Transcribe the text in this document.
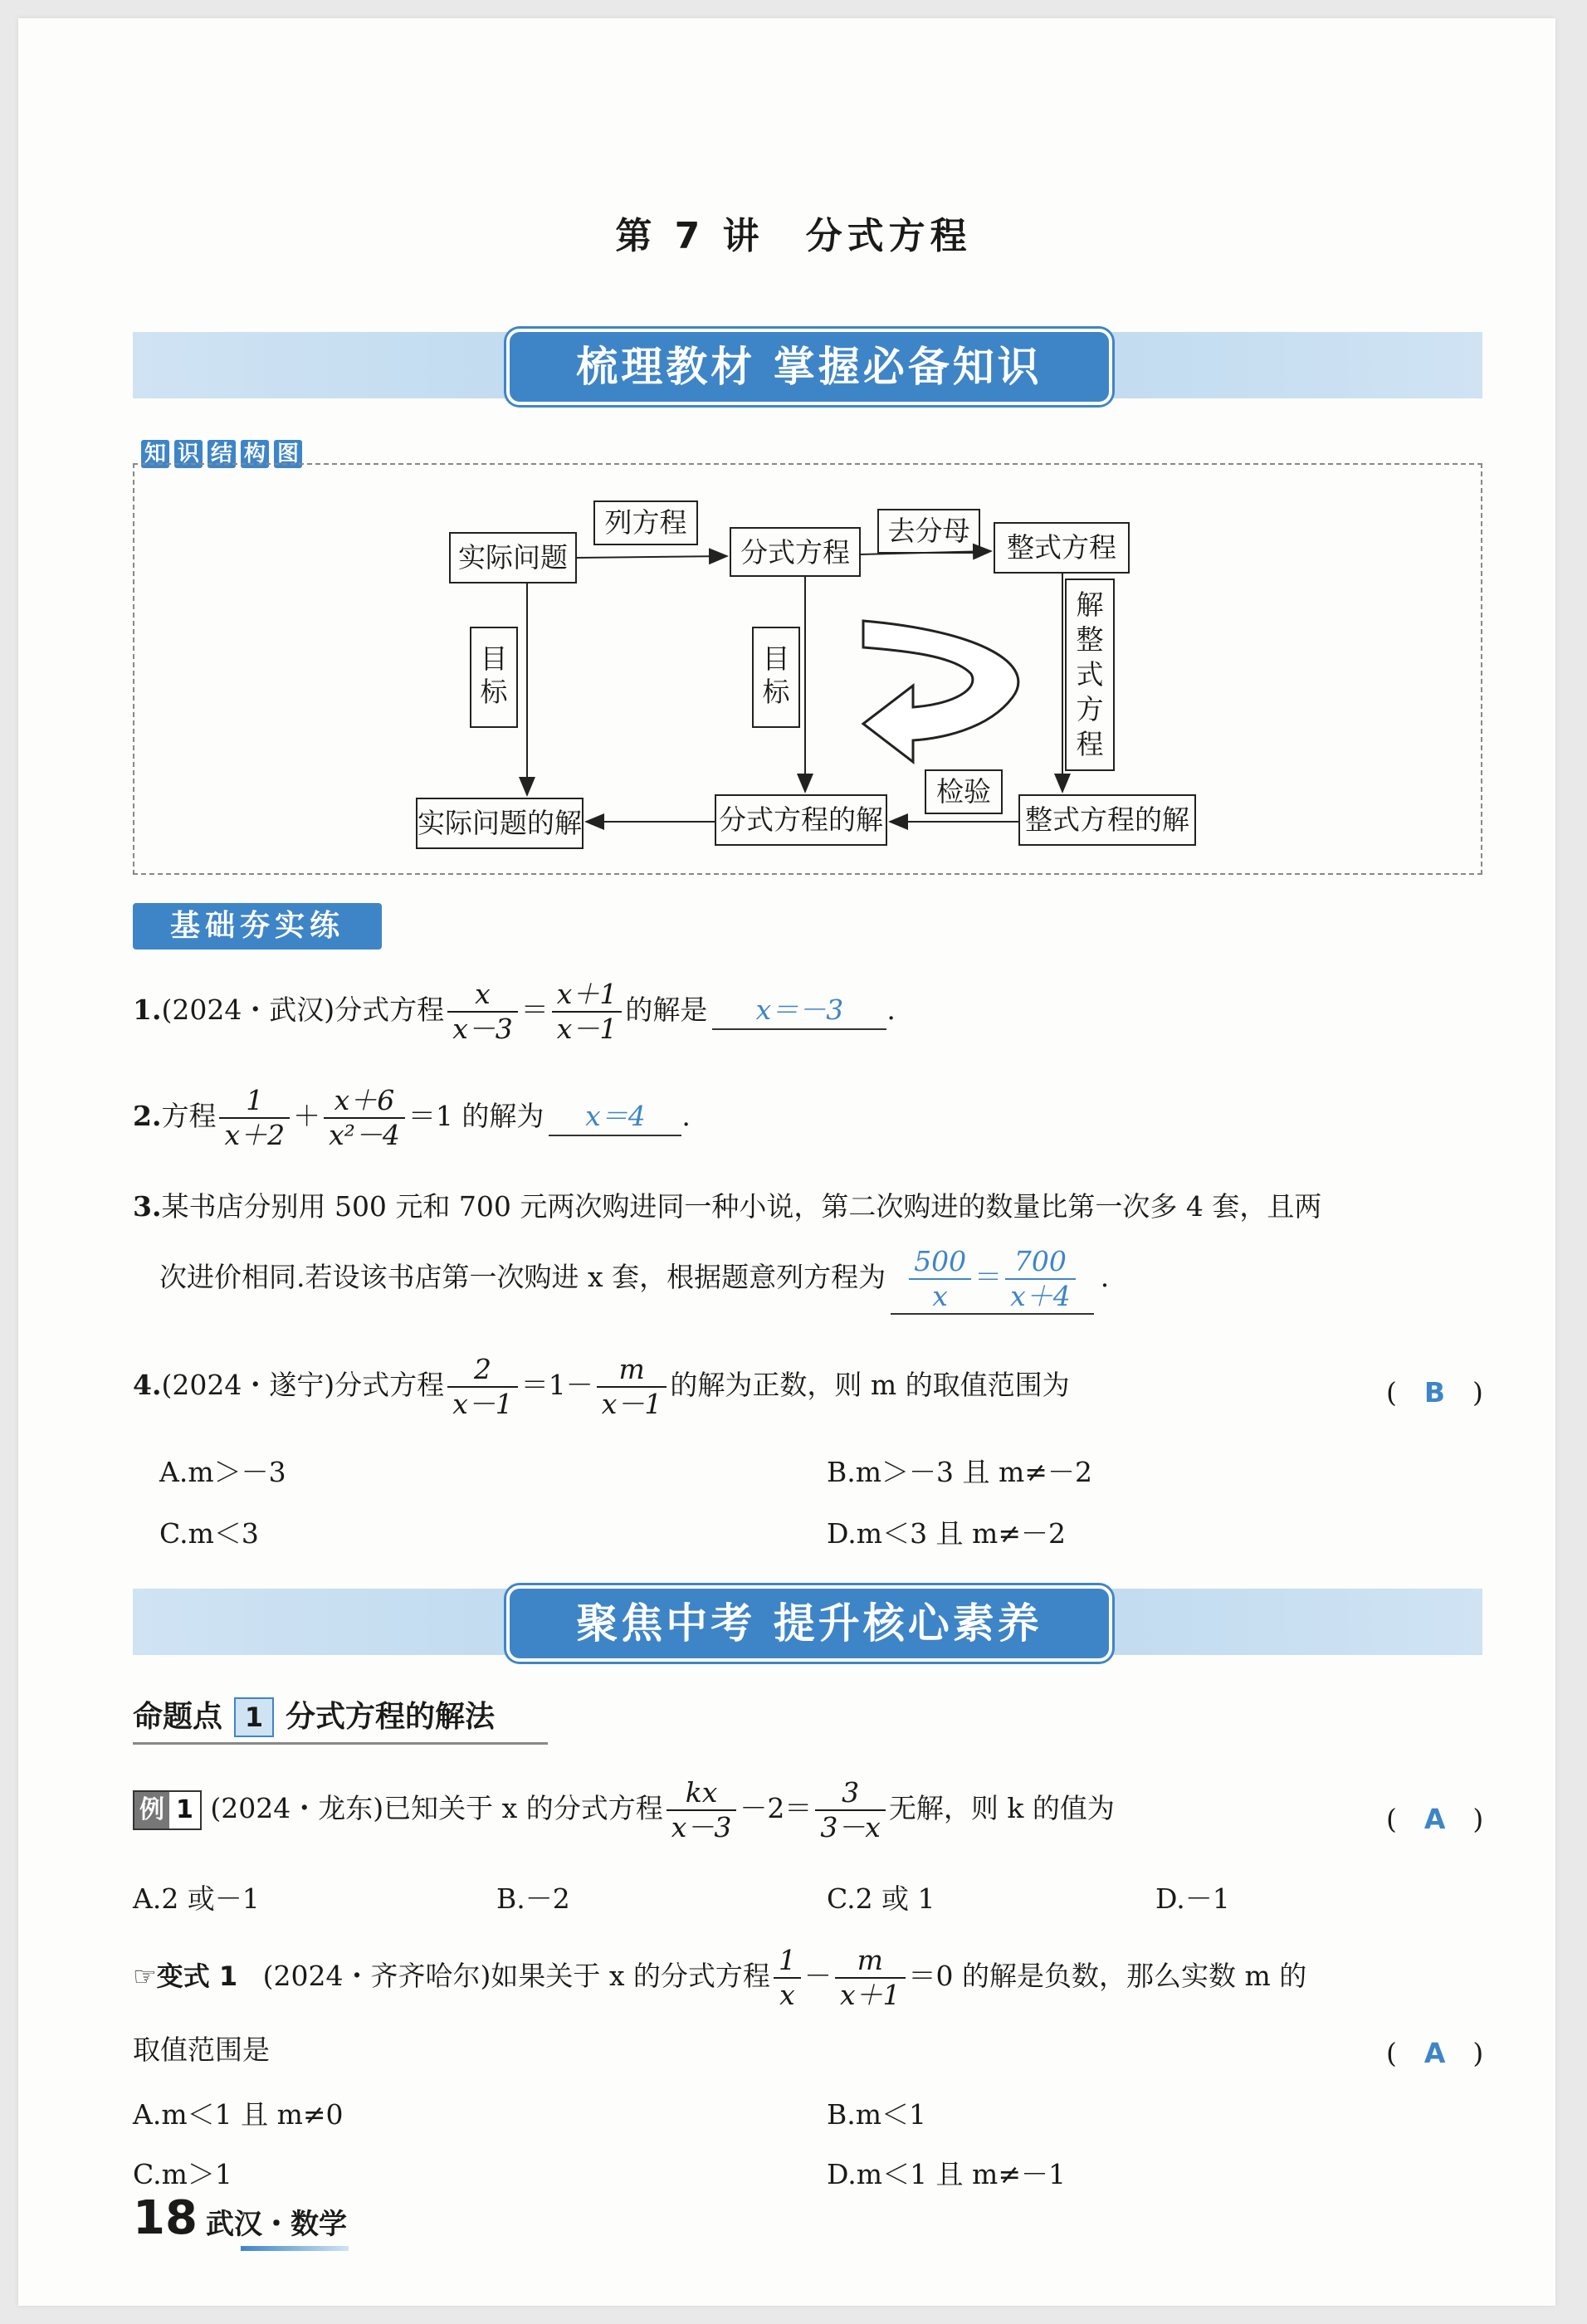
第 7 讲　分式方程
梳理教材 掌握必备知识
知 识 结 构 图
实际问题
列方程
分式方程
去分母
整式方程
目标
目标
解整式方程
检验
整式方程的解
分式方程的解
实际问题的解
基础夯实练
1.(2024・武汉)分式方程 $\frac{x}{x-3} = \frac{x+1}{x-1}$ 的解是 x＝－3 .
2.方程 $\frac{1}{x+2} + \frac{x+6}{\text{x²－4}} =1$ 的解为 x＝4 .
3.某书店分别用 500 元和 700 元两次购进同一种小说，第二次购进的数量比第一次多 4 套，且两
次进价相同.若设该书店第一次购进 x 套，根据题意列方程为 $\frac{500}{x} = \frac{700}{x+4}$ .
4.(2024・遂宁)分式方程 $\frac{2}{x-1} =1- \frac{m}{x-1}$ 的解为正数，则 m 的取值范围为	(　B　)
A.m＞－3	B.m＞－3 且 m≠－2
C.m＜3	D.m＜3 且 m≠－2
聚焦中考 提升核心素养
命题点 1 分式方程的解法
例 1 (2024・龙东)已知关于 x 的分式方程 $\frac{kx}{x-3} -2= \frac{3}{3-x}$ 无解，则 k 的值为	(　A　)
A.2 或－1	B.－2	C.2 或 1	D.－1
☞变式 1 (2024・齐齐哈尔)如果关于 x 的分式方程 $\frac{1}{x} - \frac{m}{x+1} =0$ 的解是负数，那么实数 m 的
取值范围是	(　A　)
A.m＜1 且 m≠0	B.m＜1
C.m＞1	D.m＜1 且 m≠－1
18 武汉・数学
